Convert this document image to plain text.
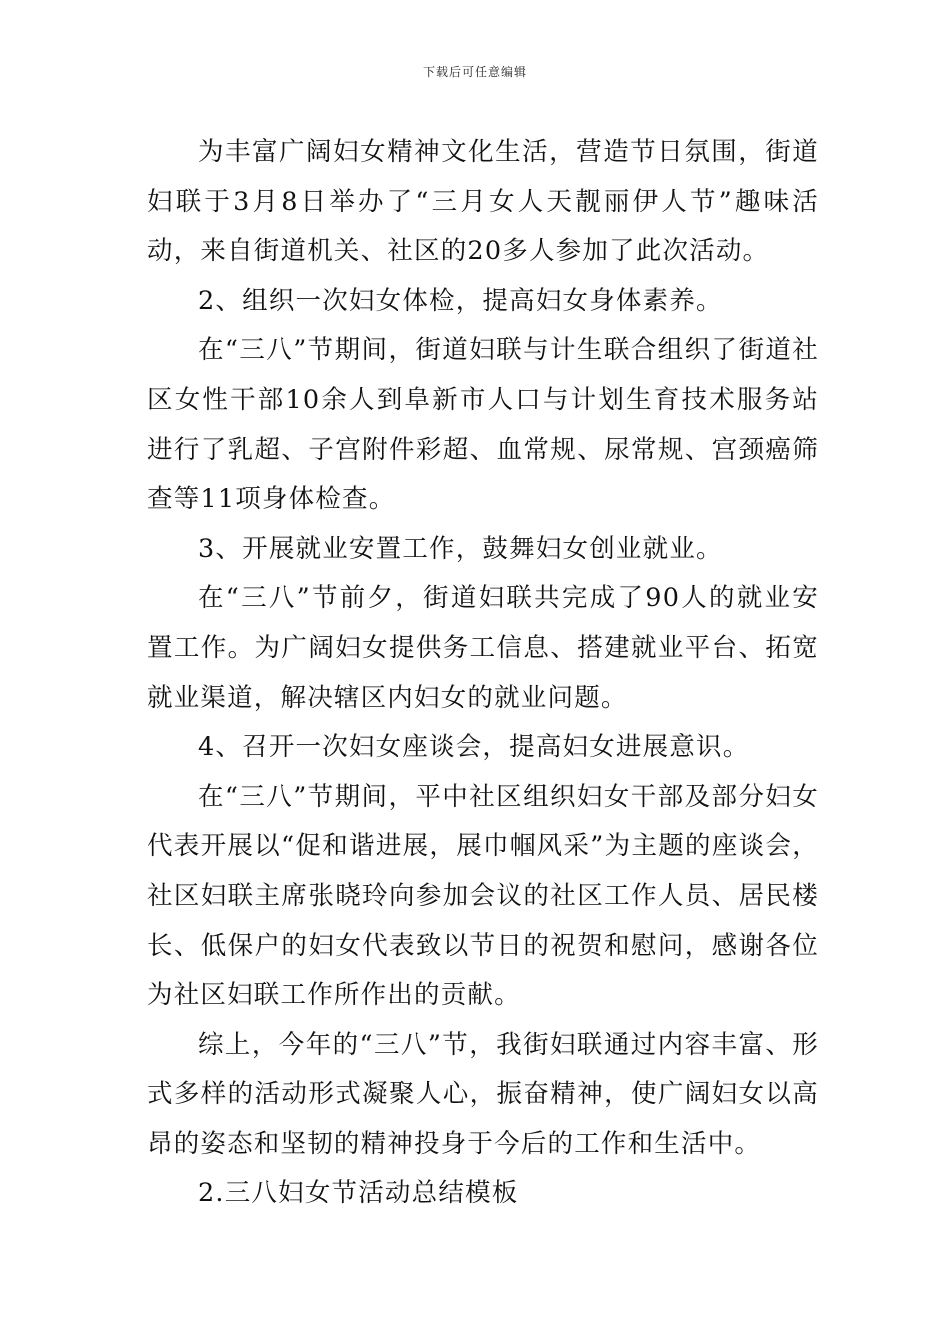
下载后可任意编辑

为丰富广阔妇女精神文化生活，营造节日氛围，街道妇联于3月8日举办了“三月女人天靓丽伊人节”趣味活动，来自街道机关、社区的20多人参加了此次活动。

2、组织一次妇女体检，提高妇女身体素养。

在“三八”节期间，街道妇联与计生联合组织了街道社区女性干部10余人到阜新市人口与计划生育技术服务站进行了乳超、子宫附件彩超、血常规、尿常规、宫颈癌筛查等11项身体检查。

3、开展就业安置工作，鼓舞妇女创业就业。

在“三八”节前夕，街道妇联共完成了90人的就业安置工作。为广阔妇女提供务工信息、搭建就业平台、拓宽就业渠道，解决辖区内妇女的就业问题。

4、召开一次妇女座谈会，提高妇女进展意识。

在“三八”节期间，平中社区组织妇女干部及部分妇女代表开展以“促和谐进展，展巾帼风采”为主题的座谈会，社区妇联主席张晓玲向参加会议的社区工作人员、居民楼长、低保户的妇女代表致以节日的祝贺和慰问，感谢各位为社区妇联工作所作出的贡献。

综上，今年的“三八”节，我街妇联通过内容丰富、形式多样的活动形式凝聚人心，振奋精神，使广阔妇女以高昂的姿态和坚韧的精神投身于今后的工作和生活中。

2.三八妇女节活动总结模板
